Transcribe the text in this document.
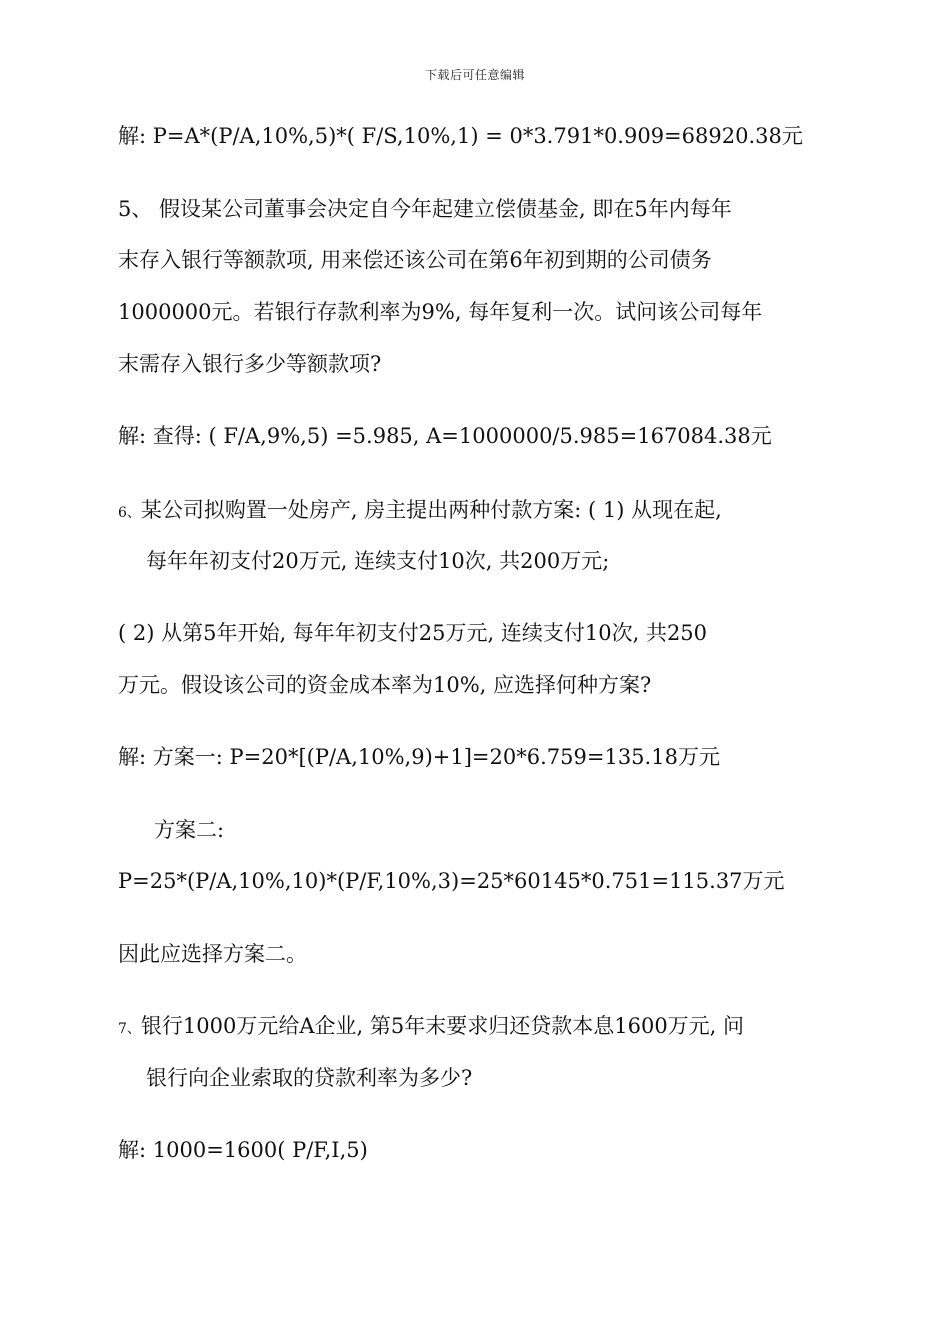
下载后可任意编辑
解: P=A*(P/A,10%,5)*( F/S,10%,1) = 0*3.791*0.909=68920.38元
5、 假设某公司董事会决定自今年起建立偿债基金, 即在5年内每年
末存入银行等额款项, 用来偿还该公司在第6年初到期的公司债务
1000000元。若银行存款利率为9%, 每年复利一次。试问该公司每年
末需存入银行多少等额款项?
解: 查得: ( F/A,9%,5) =5.985, A=1000000/5.985=167084.38元
6、某公司拟购置一处房产, 房主提出两种付款方案: ( 1) 从现在起,
每年年初支付20万元, 连续支付10次, 共200万元;
( 2) 从第5年开始, 每年年初支付25万元, 连续支付10次, 共250
万元。假设该公司的资金成本率为10%, 应选择何种方案?
解: 方案一: P=20*[(P/A,10%,9)+1]=20*6.759=135.18万元
方案二:
P=25*(P/A,10%,10)*(P/F,10%,3)=25*60145*0.751=115.37万元
因此应选择方案二。
7、银行1000万元给A企业, 第5年末要求归还贷款本息1600万元, 问
银行向企业索取的贷款利率为多少?
解: 1000=1600( P/F,I,5)
